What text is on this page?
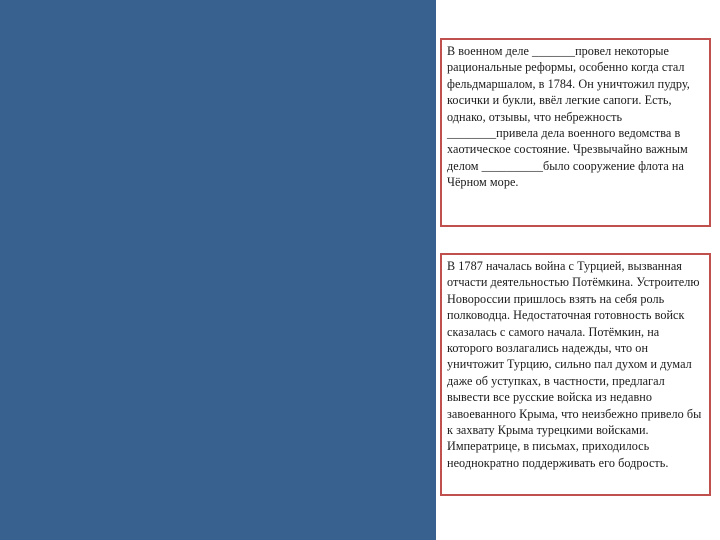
В военном деле _______провел некоторые рациональные реформы, особенно когда стал фельдмаршалом, в 1784. Он уничтожил пудру, косички и букли, ввёл легкие сапоги. Есть, однако, отзывы, что небрежность ________привела дела военного ведомства в хаотическое состояние. Чрезвычайно важным делом __________было сооружение флота на Чёрном море.

В 1787 началась война с Турцией, вызванная отчасти деятельностью Потёмкина. Устроителю Новороссии пришлось взять на себя роль полководца. Недостаточная готовность войск сказалась с самого начала. Потёмкин, на которого возлагались надежды, что он уничтожит Турцию, сильно пал духом и думал даже об уступках, в частности, предлагал вывести все русские войска из недавно завоеванного Крыма, что неизбежно привело бы к захвату Крыма турецкими войсками. Императрице, в письмах, приходилось неоднократно поддерживать его бодрость.
